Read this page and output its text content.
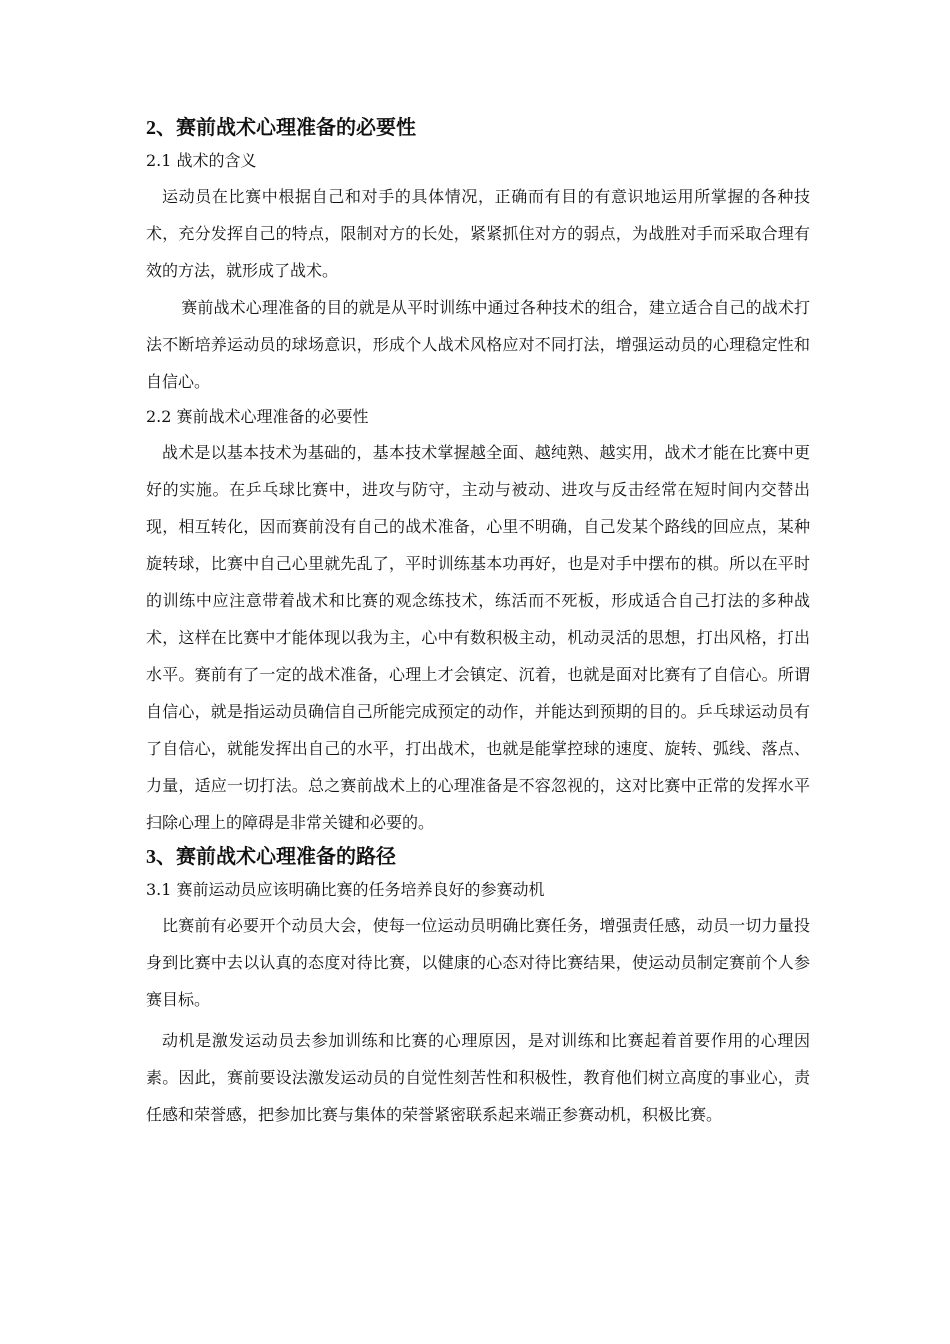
2、赛前战术心理准备的必要性
2.1 战术的含义

运动员在比赛中根据自己和对手的具体情况，正确而有目的有意识地运用所掌握的各种技术，充分发挥自己的特点，限制对方的长处，紧紧抓住对方的弱点，为战胜对手而采取合理有效的方法，就形成了战术。

赛前战术心理准备的目的就是从平时训练中通过各种技术的组合，建立适合自己的战术打法不断培养运动员的球场意识，形成个人战术风格应对不同打法，增强运动员的心理稳定性和自信心。

2.2 赛前战术心理准备的必要性

战术是以基本技术为基础的，基本技术掌握越全面、越纯熟、越实用，战术才能在比赛中更好的实施。在乒乓球比赛中，进攻与防守，主动与被动、进攻与反击经常在短时间内交替出现，相互转化，因而赛前没有自己的战术准备，心里不明确，自己发某个路线的回应点，某种旋转球，比赛中自己心里就先乱了，平时训练基本功再好，也是对手中摆布的棋。所以在平时的训练中应注意带着战术和比赛的观念练技术，练活而不死板，形成适合自己打法的多种战术，这样在比赛中才能体现以我为主，心中有数积极主动，机动灵活的思想，打出风格，打出水平。赛前有了一定的战术准备，心理上才会镇定、沉着，也就是面对比赛有了自信心。所谓自信心，就是指运动员确信自己所能完成预定的动作，并能达到预期的目的。乒乓球运动员有了自信心，就能发挥出自己的水平，打出战术，也就是能掌控球的速度、旋转、弧线、落点、力量，适应一切打法。总之赛前战术上的心理准备是不容忽视的，这对比赛中正常的发挥水平扫除心理上的障碍是非常关键和必要的。

3、赛前战术心理准备的路径
3.1 赛前运动员应该明确比赛的任务培养良好的参赛动机

比赛前有必要开个动员大会，使每一位运动员明确比赛任务，增强责任感，动员一切力量投身到比赛中去以认真的态度对待比赛，以健康的心态对待比赛结果，使运动员制定赛前个人参赛目标。

动机是激发运动员去参加训练和比赛的心理原因，是对训练和比赛起着首要作用的心理因素。因此，赛前要设法激发运动员的自觉性刻苦性和积极性，教育他们树立高度的事业心，责任感和荣誉感，把参加比赛与集体的荣誉紧密联系起来端正参赛动机，积极比赛。
